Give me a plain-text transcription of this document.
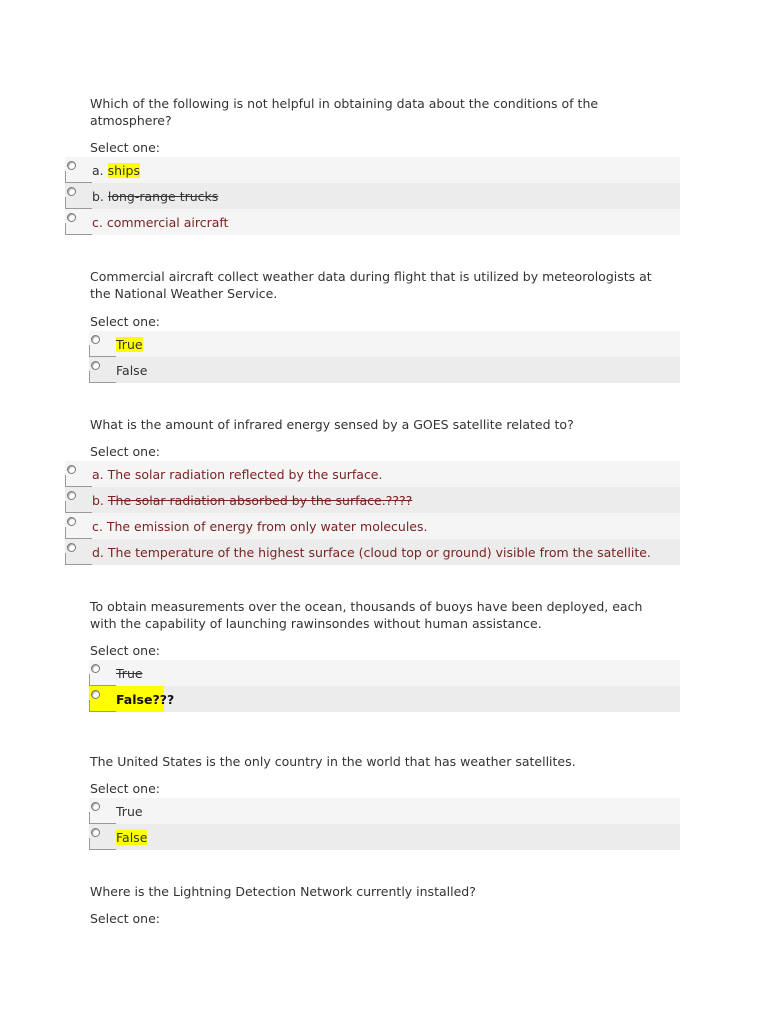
Which of the following is not helpful in obtaining data about the conditions of the atmosphere?
Select one:
a. ships
b. long-range trucks
c. commercial aircraft
Commercial aircraft collect weather data during flight that is utilized by meteorologists at the National Weather Service.
Select one:
True
False
What is the amount of infrared energy sensed by a GOES satellite related to?
Select one:
a. The solar radiation reflected by the surface.
b. The solar radiation absorbed by the surface.????
c. The emission of energy from only water molecules.
d. The temperature of the highest surface (cloud top or ground) visible from the satellite.
To obtain measurements over the ocean, thousands of buoys have been deployed, each with the capability of launching rawinsondes without human assistance.
Select one:
True
False???
The United States is the only country in the world that has weather satellites.
Select one:
True
False
Where is the Lightning Detection Network currently installed?
Select one:
